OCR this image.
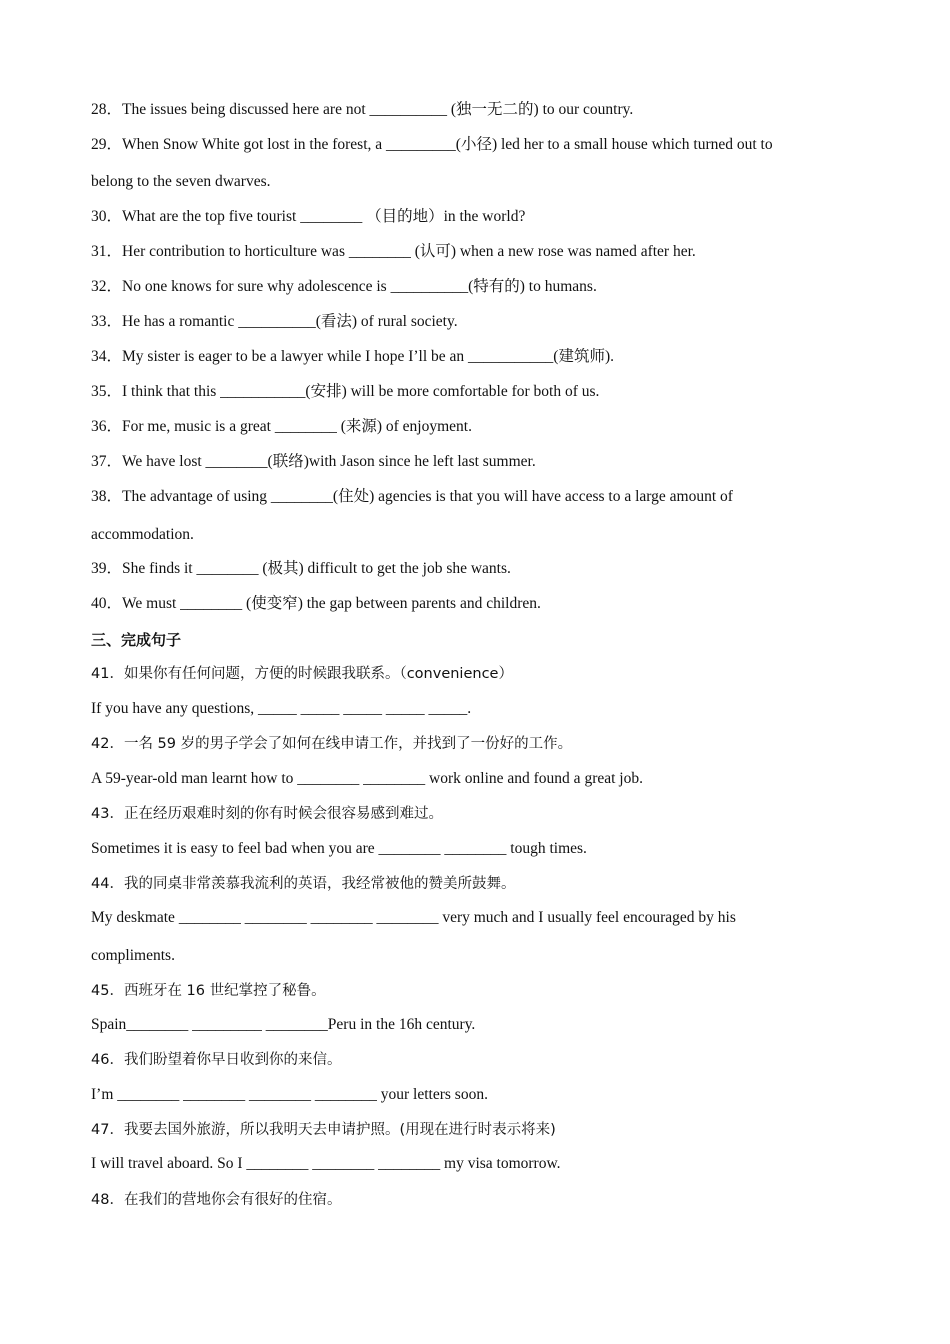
28．The issues being discussed here are not __________ (独一无二的) to our country.
29．When Snow White got lost in the forest, a _________(小径) led her to a small house which turned out to
belong to the seven dwarves.
30．What are the top five tourist ________ （目的地）in the world?
31．Her contribution to horticulture was ________ (认可) when a new rose was named after her.
32．No one knows for sure why adolescence is __________(特有的) to humans.
33．He has a romantic __________(看法) of rural society.
34．My sister is eager to be a lawyer while I hope I’ll be an ___________(建筑师).
35．I think that this ___________(安排) will be more comfortable for both of us.
36．For me, music is a great ________ (来源) of enjoyment.
37．We have lost ________(联络)with Jason since he left last summer.
38．The advantage of using ________(住处) agencies is that you will have access to a large amount of
accommodation.
39．She finds it ________ (极其) difficult to get the job she wants.
40．We must ________ (使变窄) the gap between parents and children.
三、完成句子
41．如果你有任何问题，方便的时候跟我联系。（convenience）
If you have any questions, _____ _____ _____ _____ _____.
42．一名 59 岁的男子学会了如何在线申请工作，并找到了一份好的工作。
A 59-year-old man learnt how to ________ ________ work online and found a great job.
43．正在经历艰难时刻的你有时候会很容易感到难过。
Sometimes it is easy to feel bad when you are ________ ________ tough times.
44．我的同桌非常羡慕我流利的英语，我经常被他的赞美所鼓舞。
My deskmate ________ ________ ________ ________ very much and I usually feel encouraged by his
compliments.
45．西班牙在 16 世纪掌控了秘鲁。
Spain________ _________ ________Peru in the 16h century.
46．我们盼望着你早日收到你的来信。
I’m ________ ________ ________ ________ your letters soon.
47．我要去国外旅游，所以我明天去申请护照。(用现在进行时表示将来)
I will travel aboard. So I ________ ________ ________ my visa tomorrow.
48．在我们的营地你会有很好的住宿。
